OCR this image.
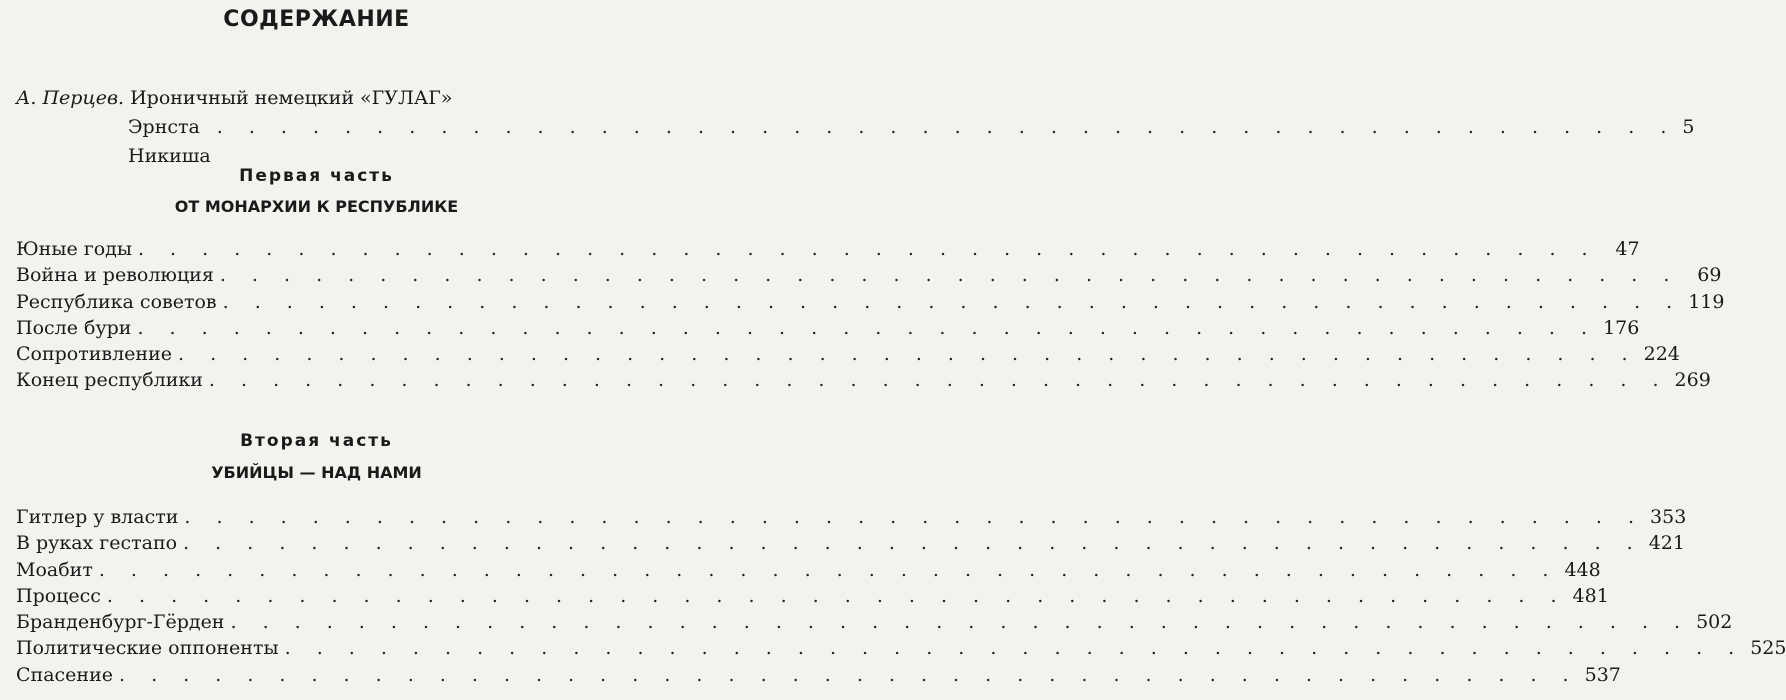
СОДЕРЖАНИЕ
А. Перцев. Ироничный немецкий «ГУЛАГ»
Эрнста Никиша
. . . . . . . . . . . . . . . . . . . . . . . . . . . . . . . . . . . . . . . . . . . . . . 5
Первая часть
ОТ МОНАРХИИ К РЕСПУБЛИКЕ
Юные годы . . . . . . . . . . . . . . . . . . . . . . . . . . . . . . . . . . . . . . . . . . . . . . 47
Война и революция . . . . . . . . . . . . . . . . . . . . . . . . . . . . . . . . . . . . . . . . . . . . . . 69
Республика советов . . . . . . . . . . . . . . . . . . . . . . . . . . . . . . . . . . . . . . . . . . . . . . 119
После бури . . . . . . . . . . . . . . . . . . . . . . . . . . . . . . . . . . . . . . . . . . . . . . 176
Сопротивление . . . . . . . . . . . . . . . . . . . . . . . . . . . . . . . . . . . . . . . . . . . . . . 224
Конец республики . . . . . . . . . . . . . . . . . . . . . . . . . . . . . . . . . . . . . . . . . . . . . . 269
Вторая часть
УБИЙЦЫ — НАД НАМИ
Гитлер у власти . . . . . . . . . . . . . . . . . . . . . . . . . . . . . . . . . . . . . . . . . . . . . . 353
В руках гестапо . . . . . . . . . . . . . . . . . . . . . . . . . . . . . . . . . . . . . . . . . . . . . . 421
Моабит . . . . . . . . . . . . . . . . . . . . . . . . . . . . . . . . . . . . . . . . . . . . . . 448
Процесс . . . . . . . . . . . . . . . . . . . . . . . . . . . . . . . . . . . . . . . . . . . . . . 481
Бранденбург-Гёрден . . . . . . . . . . . . . . . . . . . . . . . . . . . . . . . . . . . . . . . . . . . . . . 502
Политические оппоненты . . . . . . . . . . . . . . . . . . . . . . . . . . . . . . . . . . . . . . . . . . . . . . 525
Спасение . . . . . . . . . . . . . . . . . . . . . . . . . . . . . . . . . . . . . . . . . . . . . . 537
